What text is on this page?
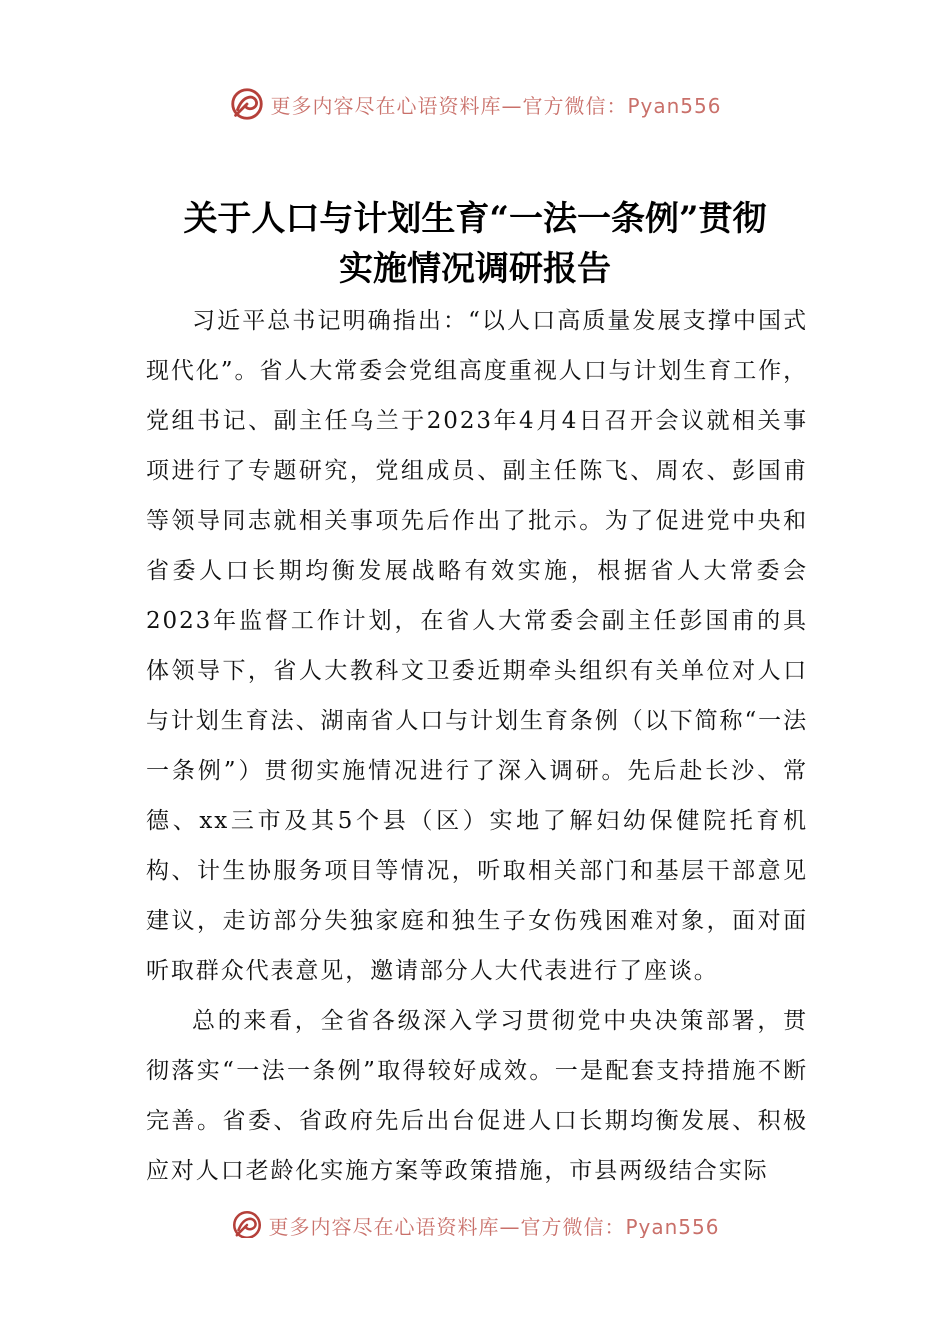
更多内容尽在心语资料库—官方微信：Pyan556
关于人口与计划生育“一法一条例”贯彻
实施情况调研报告

习近平总书记明确指出：“以人口高质量发展支撑中国式现代化”。省人大常委会党组高度重视人口与计划生育工作，党组书记、副主任乌兰于2023年4月4日召开会议就相关事项进行了专题研究，党组成员、副主任陈飞、周农、彭国甫等领导同志就相关事项先后作出了批示。为了促进党中央和省委人口长期均衡发展战略有效实施，根据省人大常委会2023年监督工作计划，在省人大常委会副主任彭国甫的具体领导下，省人大教科文卫委近期牵头组织有关单位对人口与计划生育法、湖南省人口与计划生育条例（以下简称“一法一条例”）贯彻实施情况进行了深入调研。先后赴长沙、常德、xx三市及其5个县（区）实地了解妇幼保健院托育机构、计生协服务项目等情况，听取相关部门和基层干部意见建议，走访部分失独家庭和独生子女伤残困难对象，面对面听取群众代表意见，邀请部分人大代表进行了座谈。

总的来看，全省各级深入学习贯彻党中央决策部署，贯彻落实“一法一条例”取得较好成效。一是配套支持措施不断完善。省委、省政府先后出台促进人口长期均衡发展、积极应对人口老龄化实施方案等政策措施，市县两级结合实际

更多内容尽在心语资料库—官方微信：Pyan556
